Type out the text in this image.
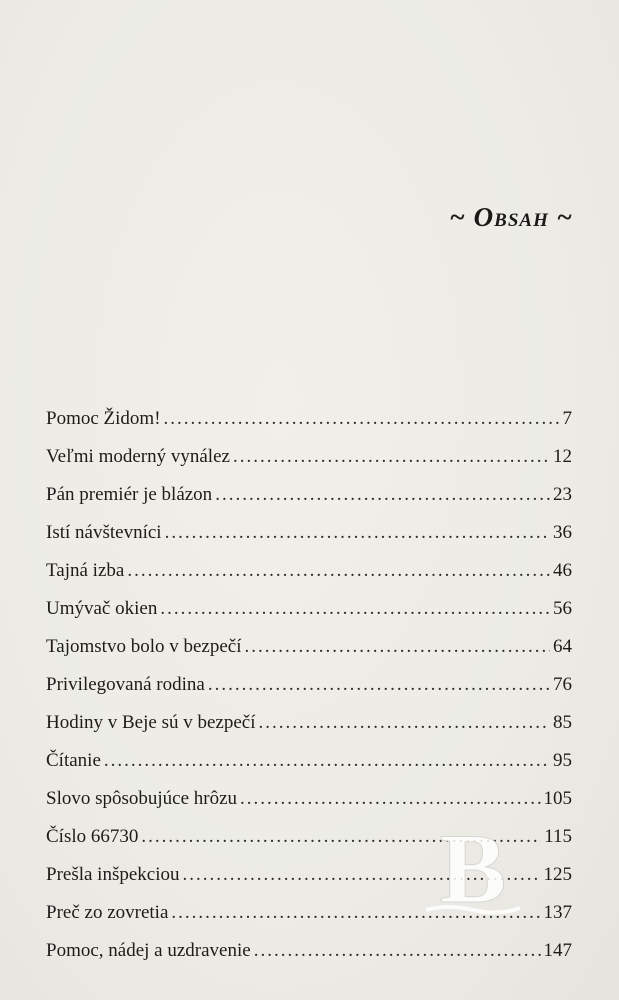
~ Obsah ~
Pomoc Židom! .....	7
Veľmi moderný vynález .....	12
Pán premiér je blázon .....	23
Istí návštevníci .....	36
Tajná izba .....	46
Umývač okien .....	56
Tajomstvo bolo v bezpečí .....	64
Privilegovaná rodina .....	76
Hodiny v Beje sú v bezpečí .....	85
Čítanie .....	95
Slovo spôsobujúce hrôzu .....	105
Číslo 66730 .....	115
Prešla inšpekciou .....	125
Preč zo zovretia .....	137
Pomoc, nádej a uzdravenie .....	147
B
